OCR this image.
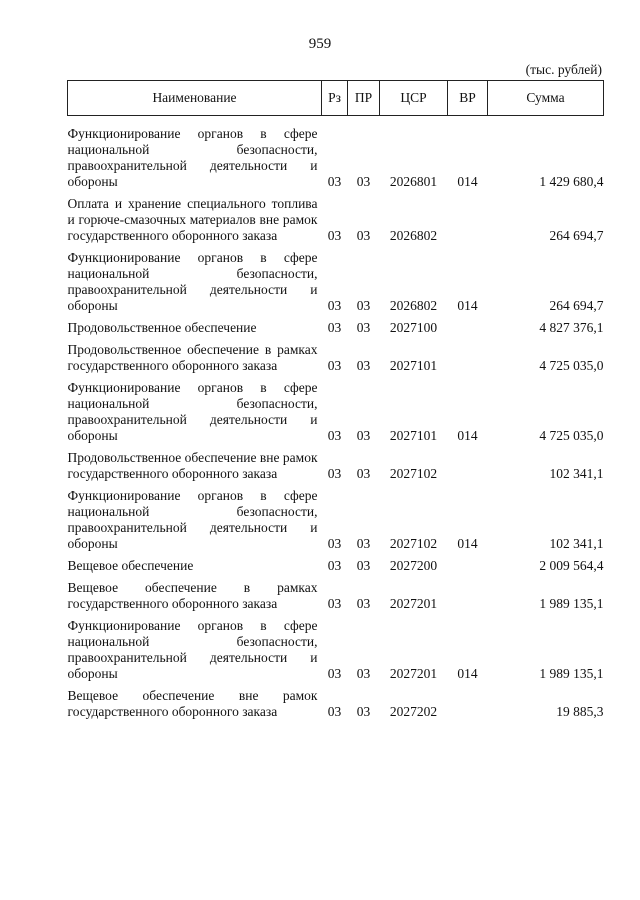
959
(тыс. рублей)
Наименование	Рз	ПР	ЦСР	ВР	Сумма

Функционирование органов в сфере национальной безопасности, правоохранительной деятельности и обороны	03	03	2026801	014	1 429 680,4
Оплата и хранение специального топлива и горюче-смазочных материалов вне рамок государственного оборонного заказа	03	03	2026802		264 694,7
Функционирование органов в сфере национальной безопасности, правоохранительной деятельности и обороны	03	03	2026802	014	264 694,7
Продовольственное обеспечение	03	03	2027100		4 827 376,1
Продовольственное обеспечение в рамках государственного оборонного заказа	03	03	2027101		4 725 035,0
Функционирование органов в сфере национальной безопасности, правоохранительной деятельности и обороны	03	03	2027101	014	4 725 035,0
Продовольственное обеспечение вне рамок государственного оборонного заказа	03	03	2027102		102 341,1
Функционирование органов в сфере национальной безопасности, правоохранительной деятельности и обороны	03	03	2027102	014	102 341,1
Вещевое обеспечение	03	03	2027200		2 009 564,4
Вещевое обеспечение в рамках государственного оборонного заказа	03	03	2027201		1 989 135,1
Функционирование органов в сфере национальной безопасности, правоохранительной деятельности и обороны	03	03	2027201	014	1 989 135,1
Вещевое обеспечение вне рамок государственного оборонного заказа	03	03	2027202		19 885,3
